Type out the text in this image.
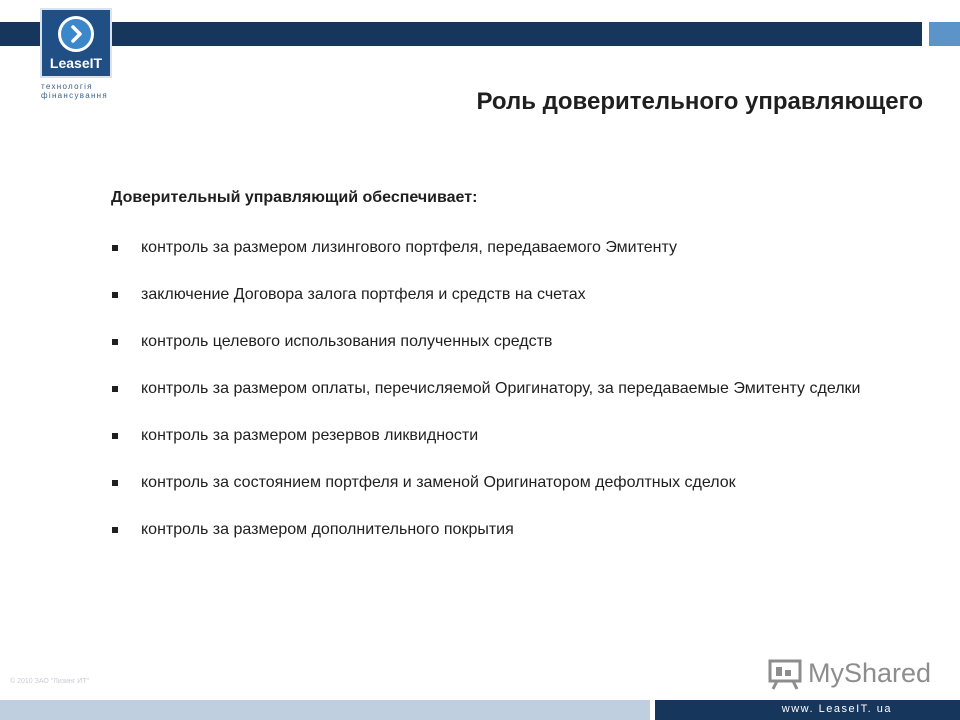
LeaseIT
технологія
фінансування	Роль доверительного управляющего
Доверительный управляющий обеспечивает:
контроль за размером лизингового портфеля, передаваемого Эмитенту
заключение Договора залога портфеля и средств на счетах
контроль целевого использования полученных средств
контроль за размером оплаты, перечисляемой Оригинатору, за передаваемые Эмитенту сделки
контроль за размером резервов ликвидности
контроль за состоянием портфеля и заменой Оригинатором дефолтных сделок
контроль за размером дополнительного покрытия
© 2010 ЗАО "Лизинг ИТ"	MyShared
www. LeaseIT. ua
